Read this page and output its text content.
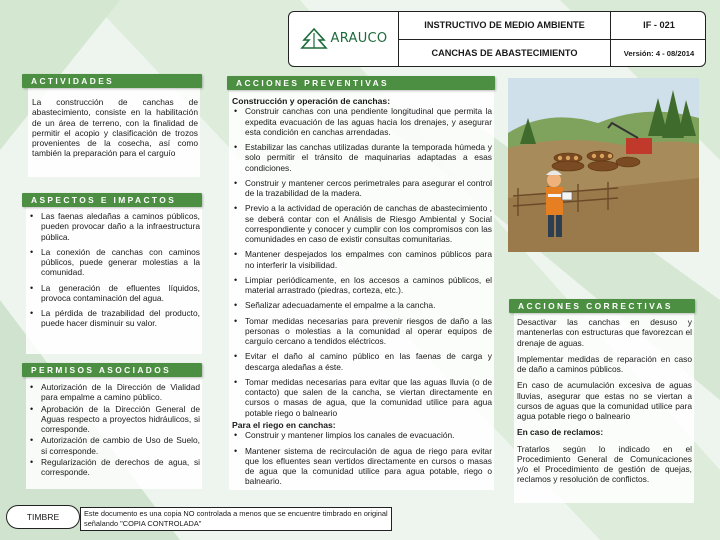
ARAUCO
INSTRUCTIVO DE MEDIO AMBIENTE	IF - 021
CANCHAS DE ABASTECIMIENTO	Versión: 4 - 08/2014
ACTIVIDADES
La construcción de canchas de abastecimiento, consiste en la habilitación de un área de terreno, con la finalidad de permitir el acopio y clasificación de trozos provenientes de la cosecha, así como también la preparación para el carguío
ASPECTOS E IMPACTOS
• Las faenas aledañas a caminos públicos, pueden provocar daño a la infraestructura pública.
• La conexión de canchas con caminos públicos, puede generar molestias a la comunidad.
• La generación de efluentes líquidos, provoca contaminación del agua.
• La pérdida de trazabilidad del producto, puede hacer disminuir su valor.
PERMISOS ASOCIADOS
• Autorización de la Dirección de Vialidad para empalme a camino público.
• Aprobación de la Dirección General de Aguas respecto a proyectos hidráulicos, si corresponde.
• Autorización de cambio de Uso de Suelo, si corresponde.
• Regularización de derechos de agua, si corresponde.
ACCIONES PREVENTIVAS
Construcción y operación de canchas:
• Construir canchas con una pendiente longitudinal que permita la expedita evacuación de las aguas hacia los drenajes, y asegurar esta condición en canchas arrendadas.
• Estabilizar las canchas utilizadas durante la temporada húmeda y solo permitir el tránsito de maquinarias adaptadas a esas condiciones.
• Construir y mantener cercos perimetrales para asegurar el control de la trazabilidad de la madera.
• Previo a la actividad de operación de canchas de abastecimiento , se deberá contar con el Análisis de Riesgo Ambiental y Social correspondiente y conocer y cumplir con los compromisos con las comunidades en caso de existir consultas comunitarias.
• Mantener despejados los empalmes con caminos públicos para no interferir la visibilidad.
• Limpiar periódicamente, en los accesos a caminos públicos, el material arrastrado (piedras, corteza, etc.).
• Señalizar adecuadamente el empalme a la cancha.
• Tomar medidas necesarias para prevenir riesgos de daño a las personas o molestias a la comunidad al operar equipos de carguío cercano a tendidos eléctricos.
• Evitar el daño al camino público en las faenas de carga y descarga aledañas a éste.
• Tomar medidas necesarias para evitar que las aguas lluvia (o de contacto) que salen de la cancha, se viertan directamente en cursos o masas de agua, que la comunidad utilice para agua potable riego o balneario
Para el riego en canchas:
• Construir y mantener limpios los canales de evacuación.
• Mantener sistema de recirculación de agua de riego para evitar que los efluentes sean vertidos directamente en cursos o masas de agua que la comunidad utilice para agua potable, riego o balneario.
ACCIONES CORRECTIVAS

Desactivar las canchas en desuso y mantenerlas con estructuras que favorezcan el drenaje de aguas.

Implementar medidas de reparación en caso de daño a caminos públicos.

En caso de acumulación excesiva de aguas lluvias, asegurar que estas no se viertan a cursos de aguas que la comunidad utilice para agua potable riego o balneario

En caso de reclamos:

Tratarlos según lo indicado en el Procedimiento General de Comunicaciones y/o el Procedimiento de gestión de quejas, reclamos y resolución de conflictos.

TIMBRE	Este documento es una copia NO controlada a menos que se encuentre timbrado en original señalando "COPIA CONTROLADA"
